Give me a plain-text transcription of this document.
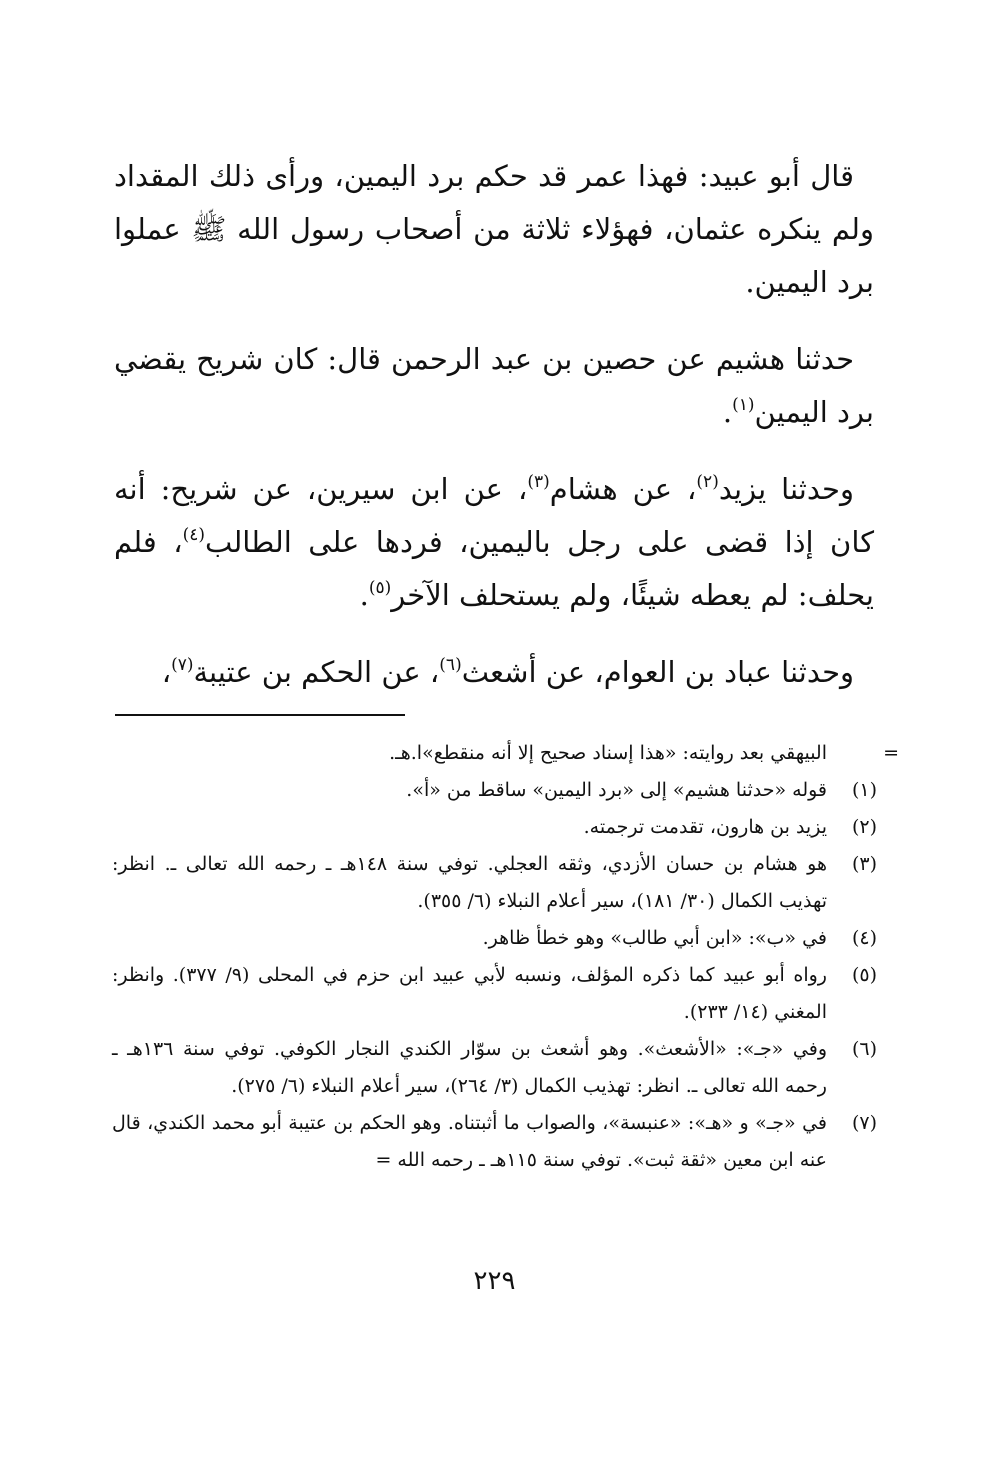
قال أبو عبيد: فهذا عمر قد حكم برد اليمين، ورأى ذلك المقداد ولم ينكره عثمان، فهؤلاء ثلاثة من أصحاب رسول الله ﷺ عملوا برد اليمين.

حدثنا هشيم عن حصين بن عبد الرحمن قال: كان شريح يقضي برد اليمين$^{(١)}$.

وحدثنا يزيد$^{(٢)}$، عن هشام$^{(٣)}$، عن ابن سيرين، عن شريح: أنه كان إذا قضى على رجل باليمين، فردها على الطالب$^{(٤)}$، فلم يحلف: لم يعطه شيئًا، ولم يستحلف الآخر$^{(٥)}$.

وحدثنا عباد بن العوام، عن أشعث$^{(٦)}$، عن الحكم بن عتيبة$^{(٧)}$،

=
البيهقي بعد روايته: «هذا إسناد صحيح إلا أنه منقطع»ا.هـ.
(١)
قوله «حدثنا هشيم» إلى «برد اليمين» ساقط من «أ».
(٢)
يزيد بن هارون، تقدمت ترجمته.
(٣)
هو هشام بن حسان الأزدي، وثقه العجلي. توفي سنة ١٤٨هـ ـ رحمه الله تعالى ـ. انظر: تهذيب الكمال (٣٠/ ١٨١)، سير أعلام النبلاء (٦/ ٣٥٥).
(٤)
في «ب»: «ابن أبي طالب» وهو خطأ ظاهر.
(٥)
رواه أبو عبيد كما ذكره المؤلف، ونسبه لأبي عبيد ابن حزم في المحلى (٩/ ٣٧٧). وانظر: المغني (١٤/ ٢٣٣).
(٦)
وفي «جـ»: «الأشعث». وهو أشعث بن سوّار الكندي النجار الكوفي. توفي سنة ١٣٦هـ ـ رحمه الله تعالى ـ. انظر: تهذيب الكمال (٣/ ٢٦٤)، سير أعلام النبلاء (٦/ ٢٧٥).
(٧)
في «جـ» و «هـ»: «عنبسة»، والصواب ما أثبتناه. وهو الحكم بن عتيبة أبو محمد الكندي، قال عنه ابن معين «ثقة ثبت». توفي سنة ١١٥هـ ـ رحمه الله =
٢٢٩
